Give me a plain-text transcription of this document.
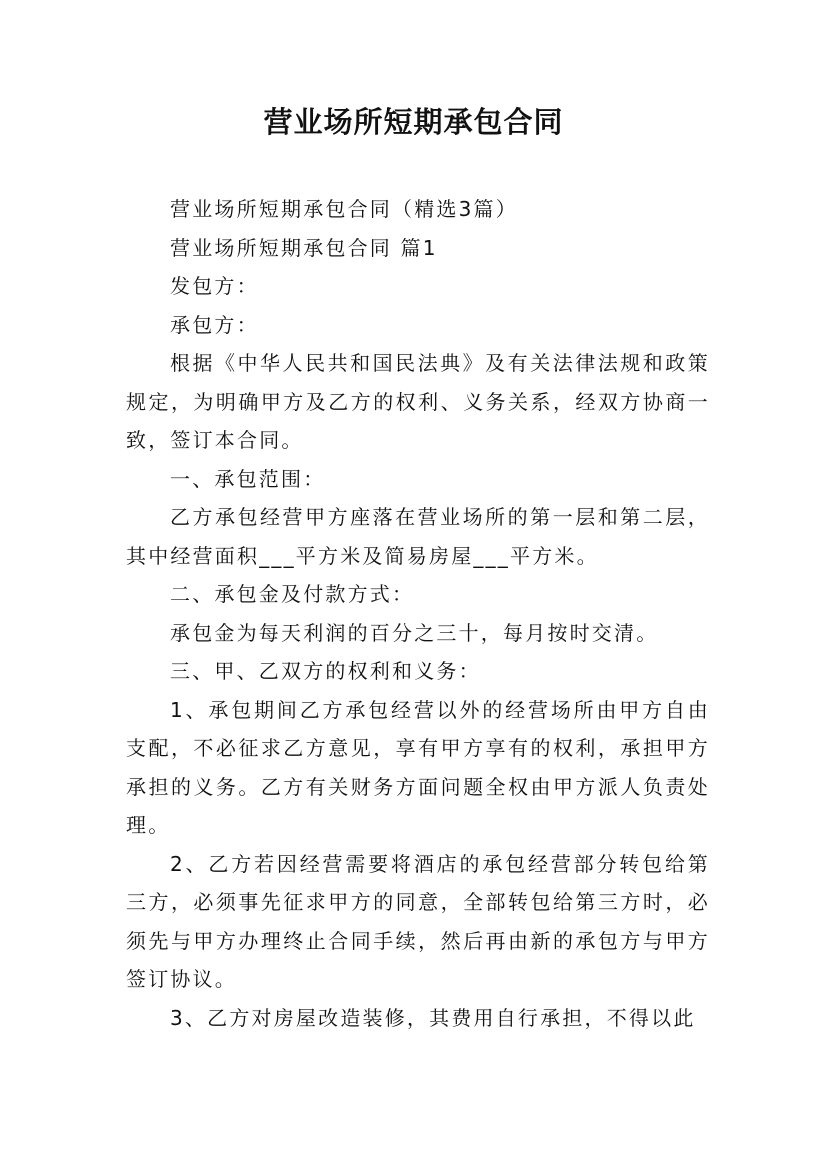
营业场所短期承包合同

营业场所短期承包合同（精选3篇）

营业场所短期承包合同 篇1

发包方：

承包方：

根据《中华人民共和国民法典》及有关法律法规和政策规定，为明确甲方及乙方的权利、义务关系，经双方协商一致，签订本合同。

一、承包范围：

乙方承包经营甲方座落在营业场所的第一层和第二层，其中经营面积___平方米及简易房屋___平方米。

二、承包金及付款方式：

承包金为每天利润的百分之三十，每月按时交清。

三、甲、乙双方的权利和义务：

1、承包期间乙方承包经营以外的经营场所由甲方自由支配，不必征求乙方意见，享有甲方享有的权利，承担甲方承担的义务。乙方有关财务方面问题全权由甲方派人负责处理。

2、乙方若因经营需要将酒店的承包经营部分转包给第三方，必须事先征求甲方的同意，全部转包给第三方时，必须先与甲方办理终止合同手续，然后再由新的承包方与甲方签订协议。

3、乙方对房屋改造装修，其费用自行承担，不得以此
